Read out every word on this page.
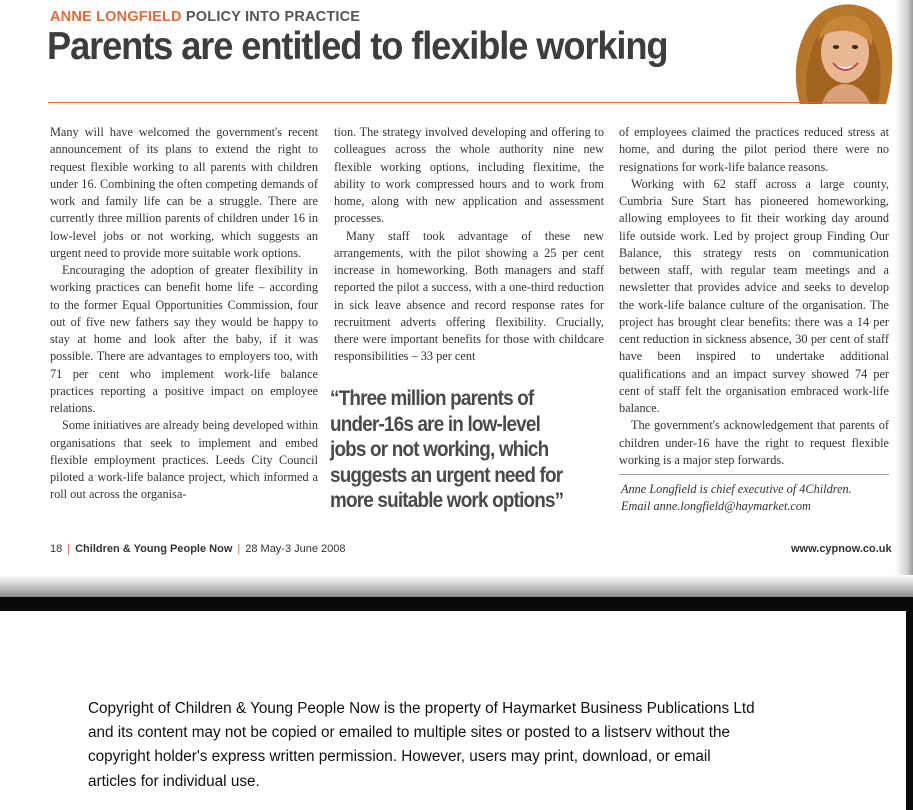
ANNE LONGFIELD POLICY INTO PRACTICE
Parents are entitled to flexible working

Many will have welcomed the government's recent announcement of its plans to extend the right to request flexible working to all parents with children under 16. Combining the often competing demands of work and family life can be a struggle. There are currently three million parents of children under 16 in low-level jobs or not working, which suggests an urgent need to provide more suitable work options.

Encouraging the adoption of greater flexibility in working practices can benefit home life – according to the former Equal Opportunities Commission, four out of five new fathers say they would be happy to stay at home and look after the baby, if it was possible. There are advantages to employers too, with 71 per cent who implement work-life balance practices reporting a positive impact on employee relations.

Some initiatives are already being developed within organisations that seek to implement and embed flexible employment practices. Leeds City Council piloted a work-life balance project, which informed a roll out across the organisa-

tion. The strategy involved developing and offering to colleagues across the whole authority nine new flexible working options, including flexitime, the ability to work compressed hours and to work from home, along with new application and assessment processes.

Many staff took advantage of these new arrangements, with the pilot showing a 25 per cent increase in homeworking. Both managers and staff reported the pilot a success, with a one-third reduction in sick leave absence and record response rates for recruitment adverts offering flexibility. Crucially, there were important benefits for those with childcare responsibilities – 33 per cent

“Three million parents of
under-16s are in low-level
jobs or not working, which
suggests an urgent need for
more suitable work options”

of employees claimed the practices reduced stress at home, and during the pilot period there were no resignations for work-life balance reasons.

Working with 62 staff across a large county, Cumbria Sure Start has pioneered homeworking, allowing employees to fit their working day around life outside work. Led by project group Finding Our Balance, this strategy rests on communication between staff, with regular team meetings and a newsletter that provides advice and seeks to develop the work-life balance culture of the organisation. The project has brought clear benefits: there was a 14 per cent reduction in sickness absence, 30 per cent of staff have been inspired to undertake additional qualifications and an impact survey showed 74 per cent of staff felt the organisation embraced work-life balance.

The government's acknowledgement that parents of children under-16 have the right to request flexible working is a major step forwards.

Anne Longfield is chief executive of 4Children.
Email anne.longfield@haymarket.com
18 | Children & Young People Now | 28 May-3 June 2008	www.cypnow.co.uk
Copyright of Children & Young People Now is the property of Haymarket Business Publications Ltd
and its content may not be copied or emailed to multiple sites or posted to a listserv without the
copyright holder's express written permission. However, users may print, download, or email
articles for individual use.
